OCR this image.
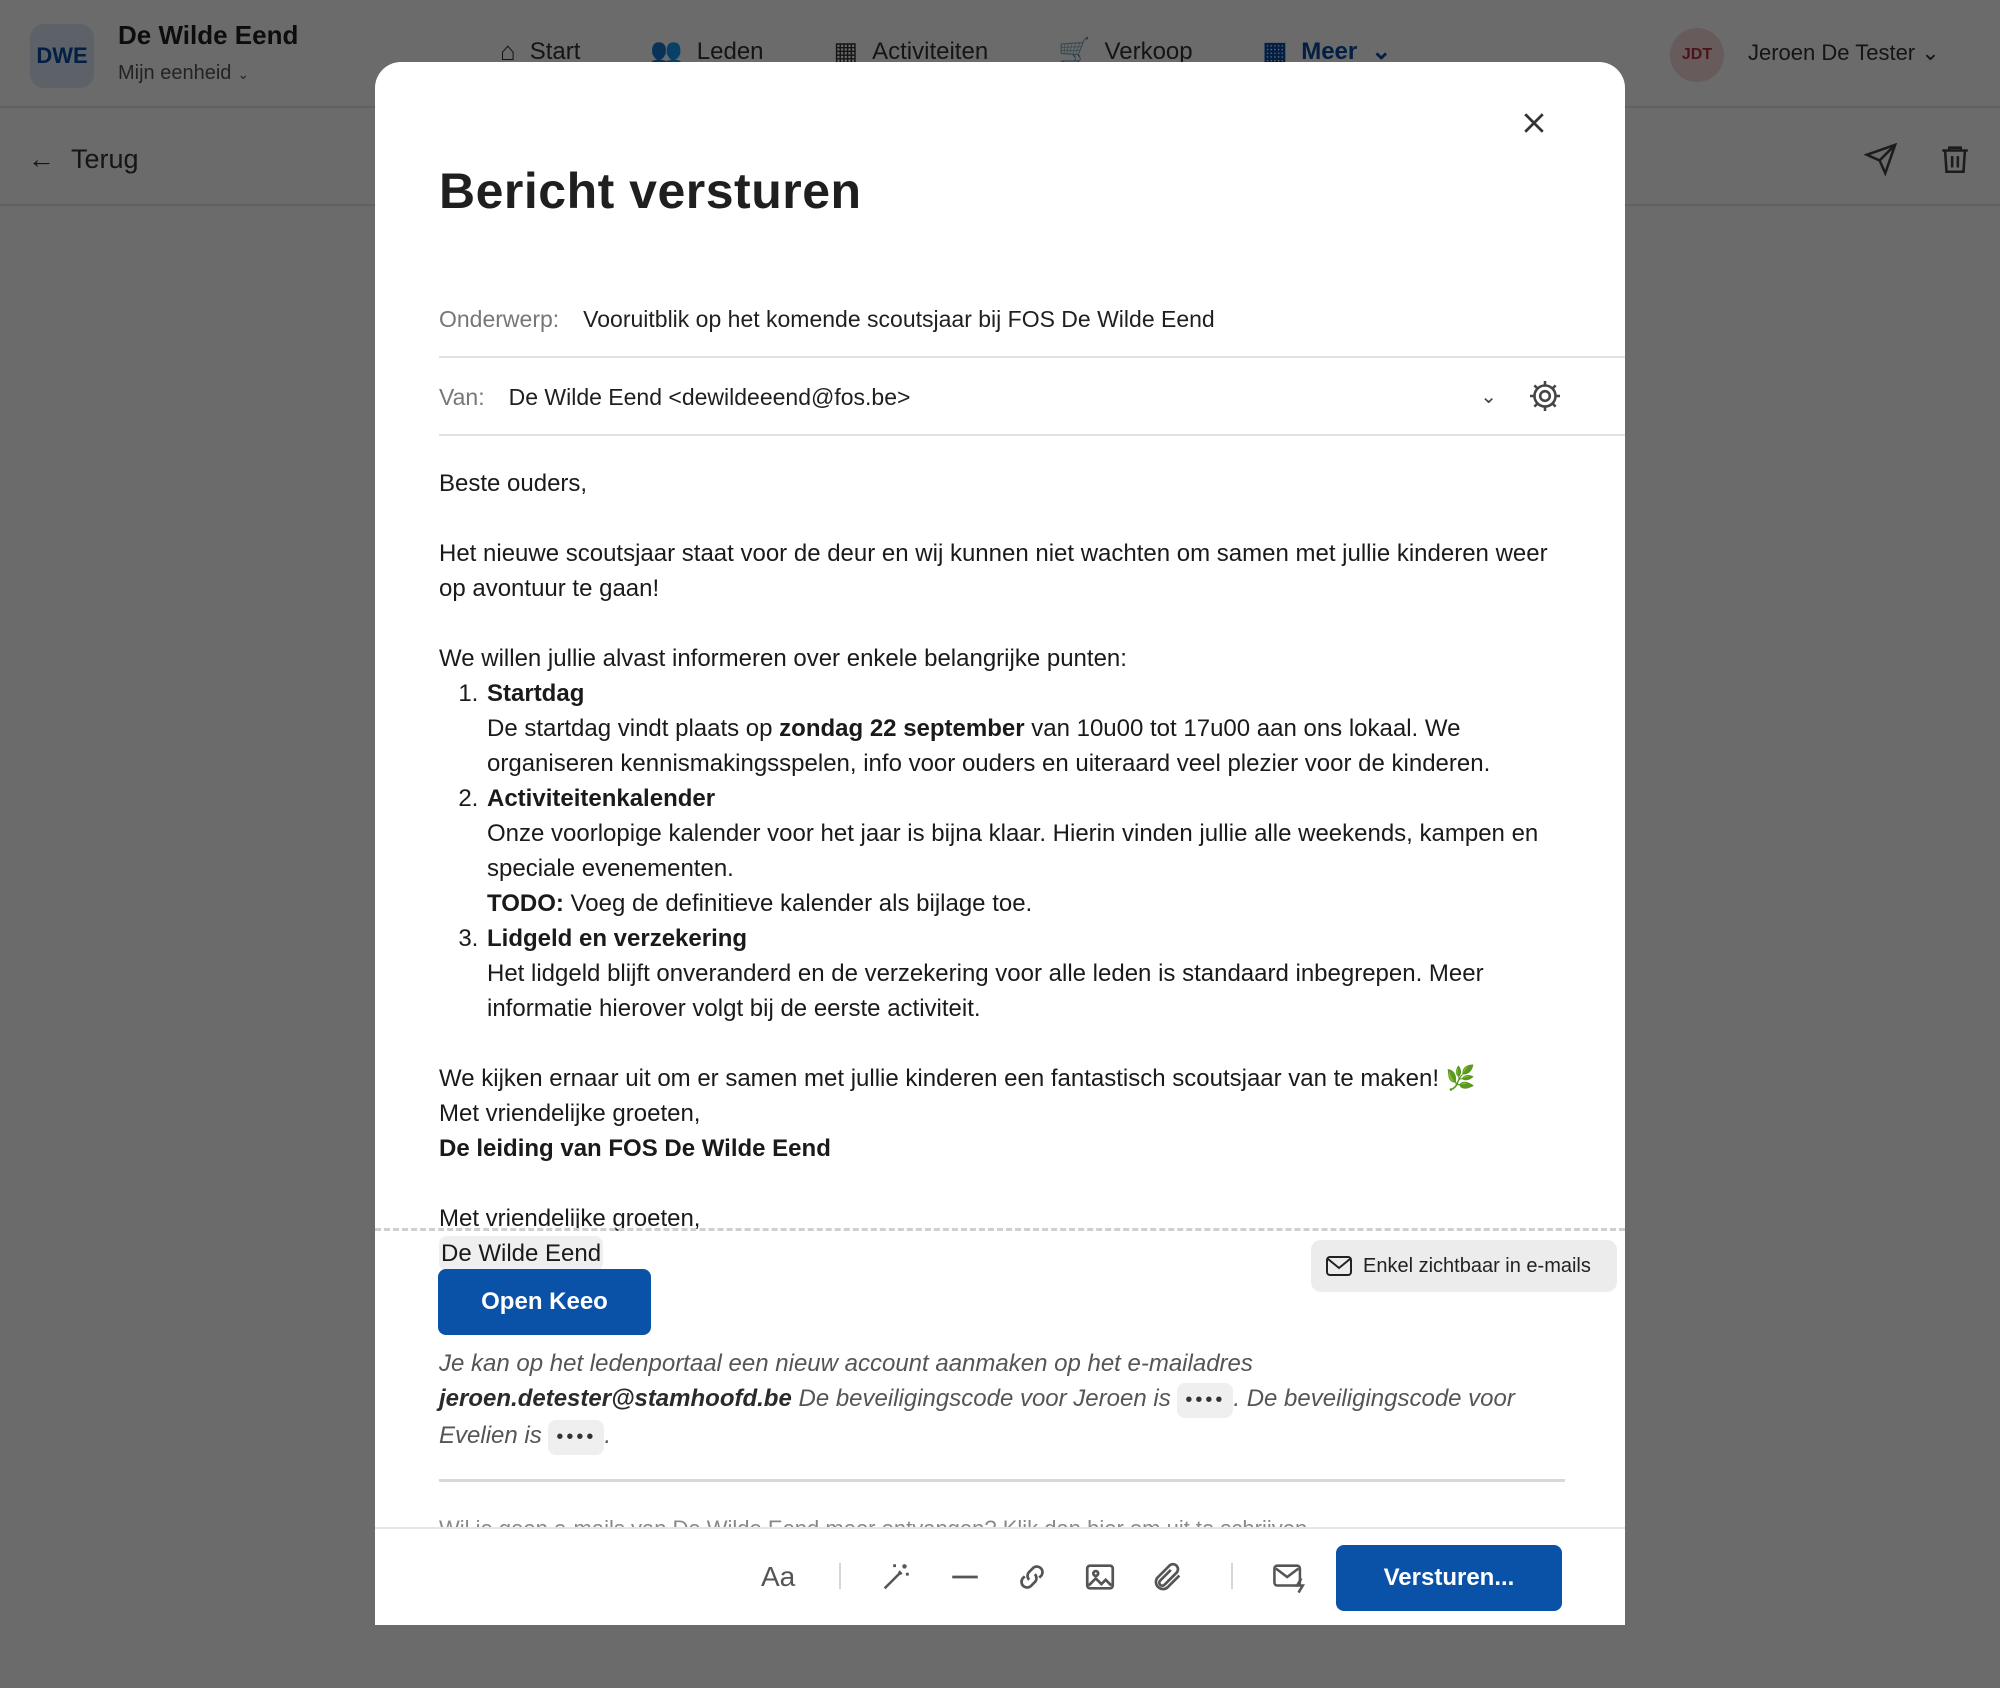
Bericht versturen
Onderwerp: Vooruitblik op het komende scoutsjaar bij FOS De Wilde Eend
Van: De Wilde Eend <dewildeeend@fos.be>	⌄

Beste ouders,

Het nieuwe scoutsjaar staat voor de deur en wij kunnen niet wachten om samen met jullie kinderen weer op avontuur te gaan!

We willen jullie alvast informeren over enkele belangrijke punten:

1. Startdag
De startdag vindt plaats op zondag 22 september van 10u00 tot 17u00 aan ons lokaal. We organiseren kennismakingsspelen, info voor ouders en uiteraard veel plezier voor de kinderen.
2. Activiteitenkalender
Onze voorlopige kalender voor het jaar is bijna klaar. Hierin vinden jullie alle weekends, kampen en speciale evenementen.
TODO: Voeg de definitieve kalender als bijlage toe.
3. Lidgeld en verzekering
Het lidgeld blijft onveranderd en de verzekering voor alle leden is standaard inbegrepen. Meer informatie hierover volgt bij de eerste activiteit.

We kijken ernaar uit om er samen met jullie kinderen een fantastisch scoutsjaar van te maken! 🌿

Met vriendelijke groeten,

De leiding van FOS De Wilde Eend

Met vriendelijke groeten,

De Wilde Eend	Enkel zichtbaar in e-mails
Open Keeo
Je kan op het ledenportaal een nieuw account aanmaken op het e-mailadres jeroen.detester@stamhoofd.be De beveiligingscode voor Jeroen is •••• . De beveiligingscode voor Evelien is •••• .
Aa	Versturen...
